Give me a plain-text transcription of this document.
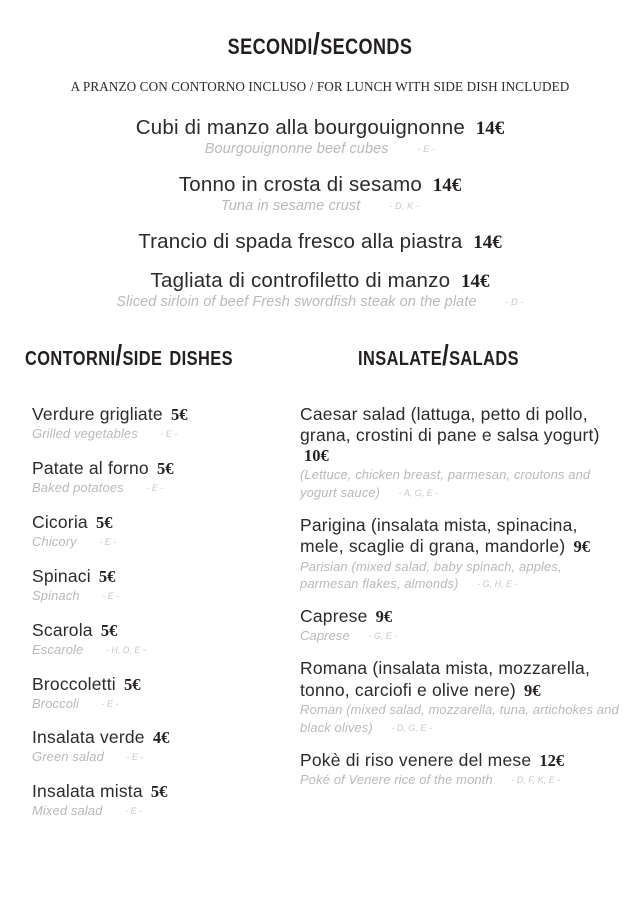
secondi/seconds
A PRANZO CON CONTORNO INCLUSO / FOR LUNCH WITH SIDE DISH INCLUDED
Cubi di manzo alla bourgouignonne 14€
Bourgouignonne beef cubes	- E -
Tonno in crosta di sesamo 14€
Tuna in sesame crust	- D, K -
Trancio di spada fresco alla piastra 14€
Tagliata di controfiletto di manzo 14€
Sliced sirloin of beef Fresh swordfish steak on the plate	- D -
contorni/side dishes
Verdure grigliate 5€
Grilled vegetables - E -
Patate al forno 5€
Baked potatoes - E -
Cicoria 5€
Chicory - E -
Spinaci 5€
Spinach - E -
Scarola 5€
Escarole - H, D, E -
Broccoletti 5€
Broccoli - E -
Insalata verde 4€
Green salad - E -
Insalata mista 5€
Mixed salad - E -
insalate/salads
Caesar salad (lattuga, petto di pollo, grana, crostini di pane e salsa yogurt) 10€
(Lettuce, chicken breast, parmesan, croutons and yogurt sauce) - A, G, E -
Parigina (insalata mista, spinacina, mele, scaglie di grana, mandorle) 9€
Parisian (mixed salad, baby spinach, apples, parmesan flakes, almonds) - G, H, E -
Caprese 9€
Caprese - G, E -
Romana (insalata mista, mozzarella, tonno, carciofi e olive nere) 9€
Roman (mixed salad, mozzarella, tuna, artichokes and black olives) - D, G, E -
Pokè di riso venere del mese 12€
Poké of Venere rice of the month - D, F, K, E -
